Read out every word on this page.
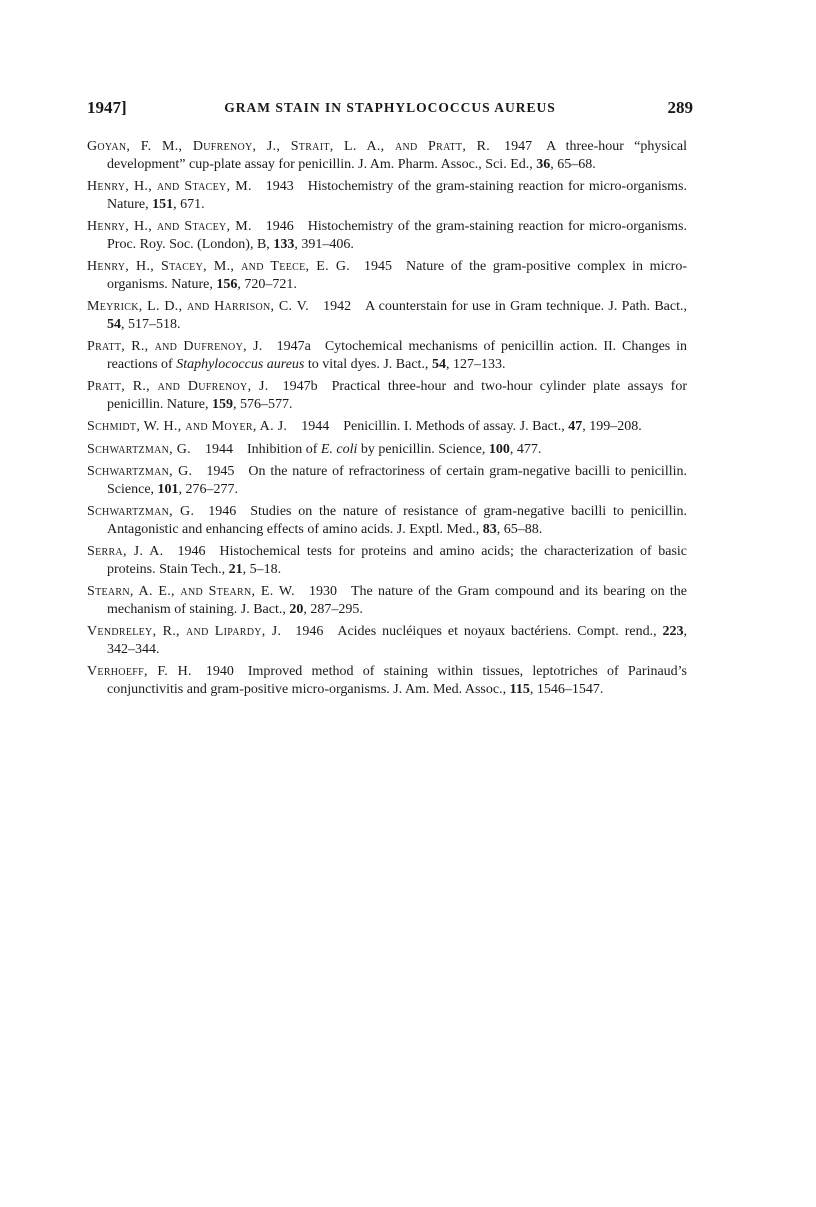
1947]	GRAM STAIN IN STAPHYLOCOCCUS AUREUS	289

Goyan, F. M., Dufrenoy, J., Strait, L. A., and Pratt, R.  1947  A three-hour “physical development” cup-plate assay for penicillin. J. Am. Pharm. Assoc., Sci. Ed., 36, 65–68.

Henry, H., and Stacey, M.  1943  Histochemistry of the gram-staining reaction for micro-organisms. Nature, 151, 671.

Henry, H., and Stacey, M.  1946  Histochemistry of the gram-staining reaction for micro-organisms. Proc. Roy. Soc. (London), B, 133, 391–406.

Henry, H., Stacey, M., and Teece, E. G.  1945  Nature of the gram-positive complex in micro-organisms. Nature, 156, 720–721.

Meyrick, L. D., and Harrison, C. V.  1942  A counterstain for use in Gram technique. J. Path. Bact., 54, 517–518.

Pratt, R., and Dufrenoy, J.  1947a  Cytochemical mechanisms of penicillin action. II. Changes in reactions of Staphylococcus aureus to vital dyes. J. Bact., 54, 127–133.

Pratt, R., and Dufrenoy, J.  1947b  Practical three-hour and two-hour cylinder plate assays for penicillin. Nature, 159, 576–577.

Schmidt, W. H., and Moyer, A. J.  1944  Penicillin. I. Methods of assay. J. Bact., 47, 199–208.

Schwartzman, G.  1944  Inhibition of E. coli by penicillin. Science, 100, 477.

Schwartzman, G.  1945  On the nature of refractoriness of certain gram-negative bacilli to penicillin. Science, 101, 276–277.

Schwartzman, G.  1946  Studies on the nature of resistance of gram-negative bacilli to penicillin. Antagonistic and enhancing effects of amino acids. J. Exptl. Med., 83, 65–88.

Serra, J. A.  1946  Histochemical tests for proteins and amino acids; the characterization of basic proteins. Stain Tech., 21, 5–18.

Stearn, A. E., and Stearn, E. W.  1930  The nature of the Gram compound and its bearing on the mechanism of staining. J. Bact., 20, 287–295.

Vendreley, R., and Lipardy, J.  1946  Acides nucléiques et noyaux bactériens. Compt. rend., 223, 342–344.

Verhoeff, F. H.  1940  Improved method of staining within tissues, leptotriches of Parinaud’s conjunctivitis and gram-positive micro-organisms. J. Am. Med. Assoc., 115, 1546–1547.
